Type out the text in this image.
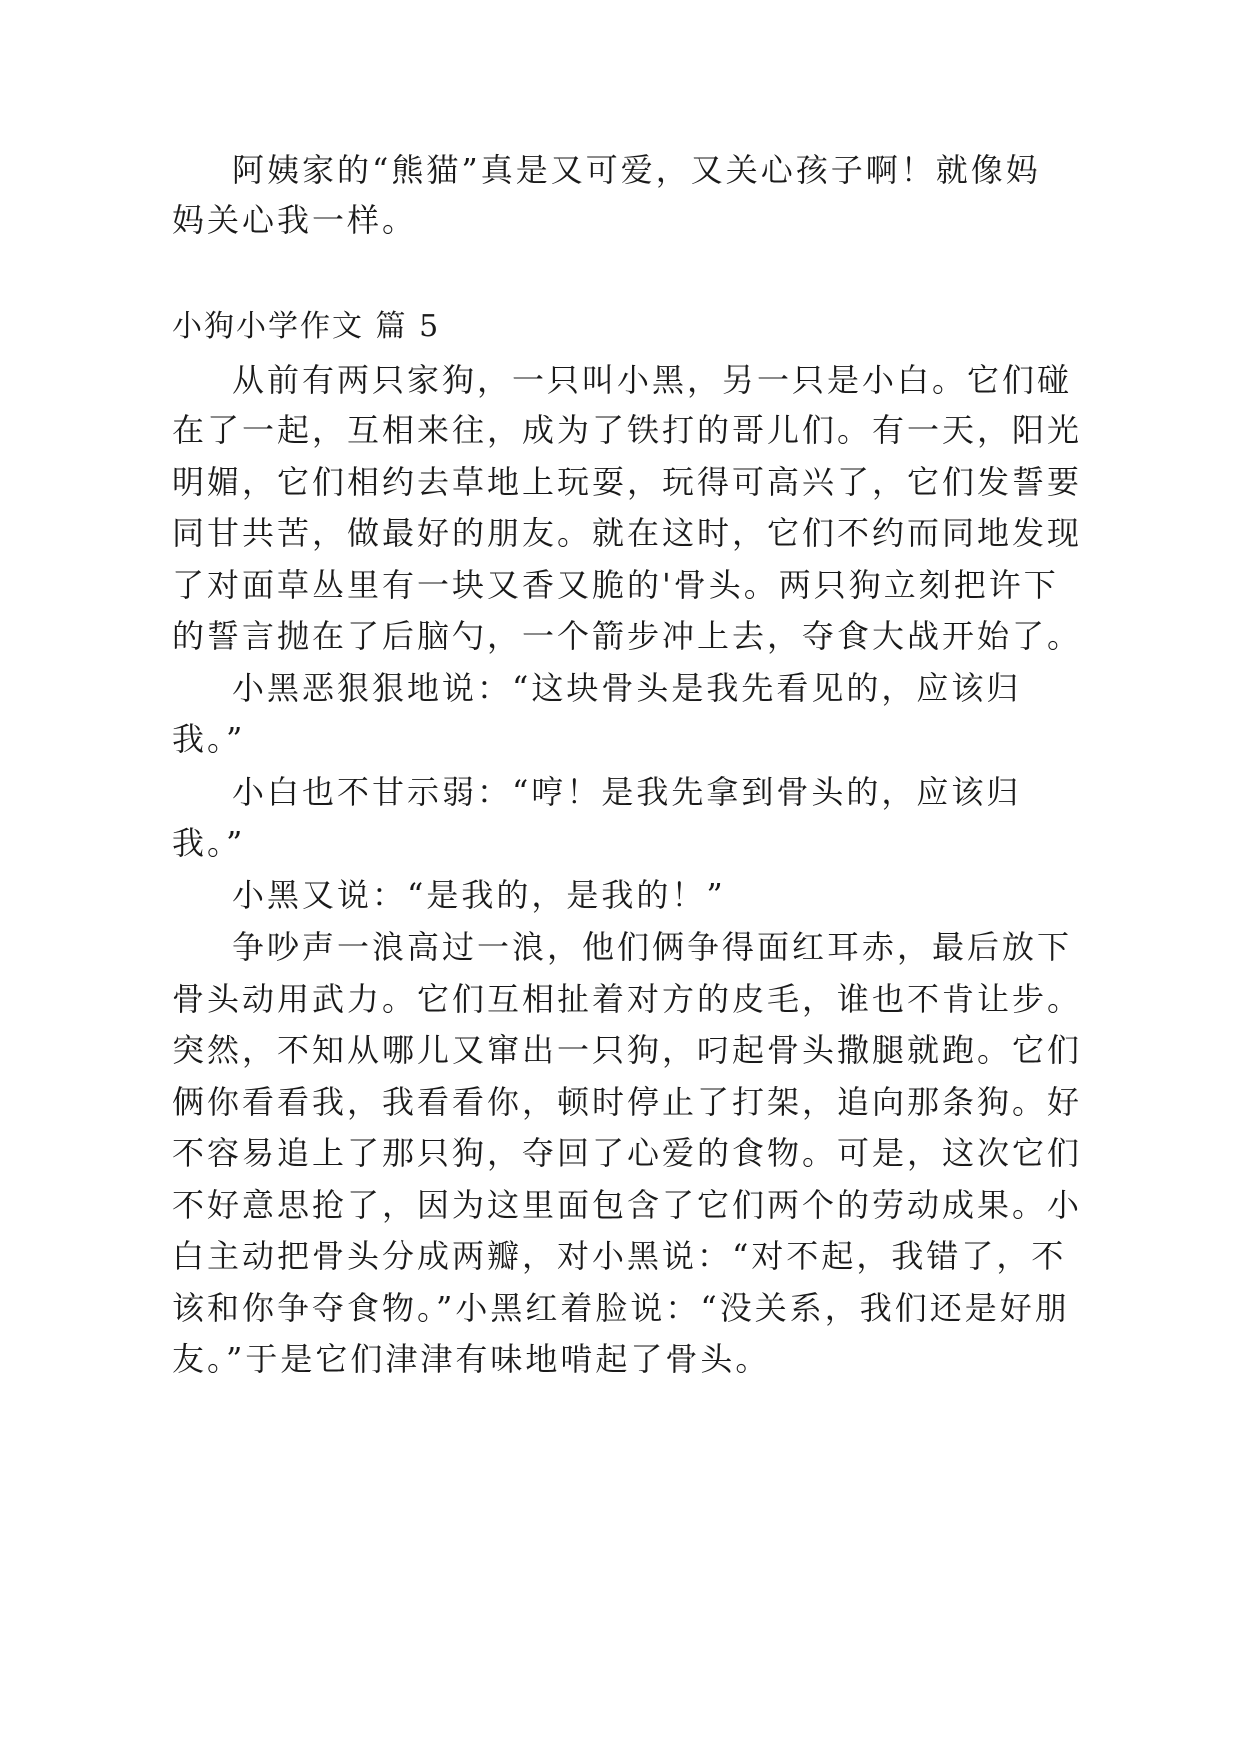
阿姨家的“熊猫”真是又可爱，又关心孩子啊！就像妈
妈关心我一样。
小狗小学作文 篇 5
从前有两只家狗，一只叫小黑，另一只是小白。它们碰
在了一起，互相来往，成为了铁打的哥儿们。有一天，阳光
明媚，它们相约去草地上玩耍，玩得可高兴了，它们发誓要
同甘共苦，做最好的朋友。就在这时，它们不约而同地发现
了对面草丛里有一块又香又脆的'骨头。两只狗立刻把许下
的誓言抛在了后脑勺，一个箭步冲上去，夺食大战开始了。
小黑恶狠狠地说：“这块骨头是我先看见的，应该归
我。”
小白也不甘示弱：“哼！是我先拿到骨头的，应该归
我。”
小黑又说：“是我的，是我的！”
争吵声一浪高过一浪，他们俩争得面红耳赤，最后放下
骨头动用武力。它们互相扯着对方的皮毛，谁也不肯让步。
突然，不知从哪儿又窜出一只狗，叼起骨头撒腿就跑。它们
俩你看看我，我看看你，顿时停止了打架，追向那条狗。好
不容易追上了那只狗，夺回了心爱的食物。可是，这次它们
不好意思抢了，因为这里面包含了它们两个的劳动成果。小
白主动把骨头分成两瓣，对小黑说：“对不起，我错了，不
该和你争夺食物。”小黑红着脸说：“没关系，我们还是好朋
友。”于是它们津津有味地啃起了骨头。
